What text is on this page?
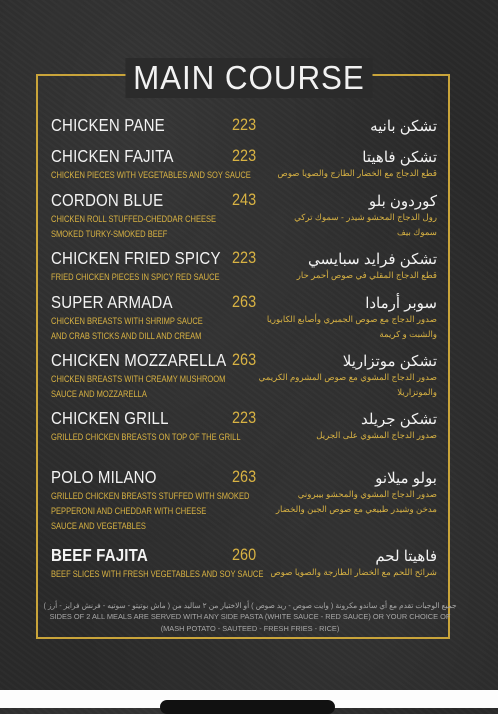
MAIN COURSE
CHICKEN PANE	223	تشكن بانيه
CHICKEN FAJITA	223	تشكن فاهيتا
CHICKEN PIECES WITH VEGETABLES AND SOY SAUCE	قطع الدجاج مع الخضار الطازج والصويا صوص
CORDON BLUE	243	كوردون بلو
CHICKEN ROLL STUFFED-CHEDDAR CHEESE
SMOKED TURKY-SMOKED BEEF
رول الدجاج المحشو شيدر - سموك تركي
سموك بيف
CHICKEN FRIED SPICY 223	تشكن فرايد سبايسي
FRIED CHICKEN PIECES IN SPICY RED SAUCE	قطع الدجاج المقلي في صوص أحمر حار
SUPER ARMADA	263	سوبر أرمادا
CHICKEN BREASTS WITH SHRIMP SAUCE
AND CRAB STICKS AND DILL AND CREAM
صدور الدجاج مع صوص الجمبري وأصابع الكابوريا
والشبت و كريمة
CHICKEN MOZZARELLA 263	تشكن موتزاريلا
CHICKEN BREASTS WITH CREAMY MUSHROOM
SAUCE AND MOZZARELLA
صدور الدجاج المشوي مع صوص المشروم الكريمي
والموتزاريلا
CHICKEN GRILL	223	تشكن جريلد
GRILLED CHICKEN BREASTS ON TOP OF THE GRILL	صدور الدجاج المشوي على الجريل
POLO MILANO	263	بولو ميلانو
GRILLED CHICKEN BREASTS STUFFED WITH SMOKED
PEPPERONI AND CHEDDAR WITH CHEESE
SAUCE AND VEGETABLES
صدور الدجاج المشوي والمحشو بيبروني
مدخن وشيدر طبيعي مع صوص الجبن والخضار
BEEF FAJITA	260	فاهيتا لحم
BEEF SLICES WITH FRESH VEGETABLES AND SOY SAUCE شرائح اللحم مع الخضار الطازجة والصويا صوص
جميع الوجبات تقدم مع أي ساندو مكرونة ( وايت صوص - ريد صوص ) أو الاختيار من ٢ ساليد من ( ماش بوتيتو - سوتيه - فرنش فرايز - أرز )
SIDES OF 2 ALL MEALS ARE SERVED WITH ANY SIDE PASTA (WHITE SAUCE - RED SAUCE) OR YOUR CHOICE OF
(MASH POTATO - SAUTEED - FRESH FRIES - RICE)
